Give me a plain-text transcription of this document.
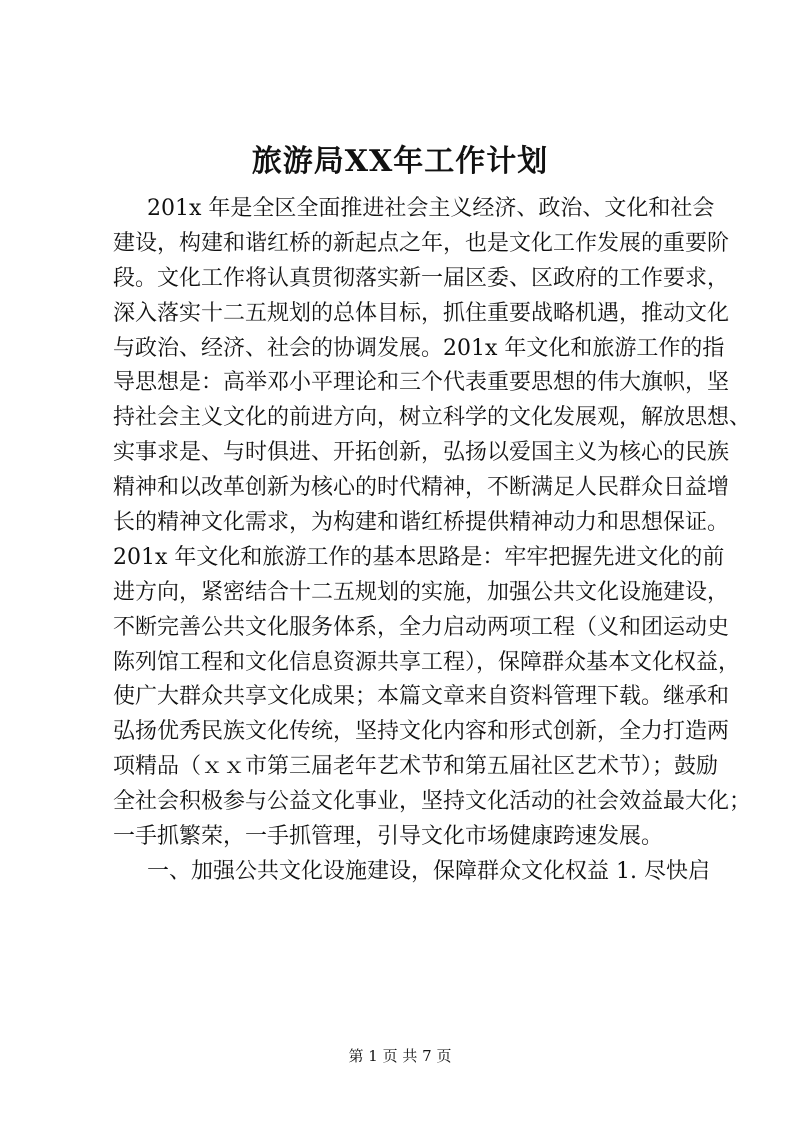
旅游局XX年工作计划
201x 年是全区全面推进社会主义经济、政治、文化和社会
建设，构建和谐红桥的新起点之年，也是文化工作发展的重要阶
段。文化工作将认真贯彻落实新一届区委、区政府的工作要求，
深入落实十二五规划的总体目标，抓住重要战略机遇，推动文化
与政治、经济、社会的协调发展。201x 年文化和旅游工作的指
导思想是：高举邓小平理论和三个代表重要思想的伟大旗帜，坚
持社会主义文化的前进方向，树立科学的文化发展观，解放思想、
实事求是、与时俱进、开拓创新，弘扬以爱国主义为核心的民族
精神和以改革创新为核心的时代精神，不断满足人民群众日益增
长的精神文化需求，为构建和谐红桥提供精神动力和思想保证。
201x 年文化和旅游工作的基本思路是：牢牢把握先进文化的前
进方向，紧密结合十二五规划的实施，加强公共文化设施建设，
不断完善公共文化服务体系，全力启动两项工程（义和团运动史
陈列馆工程和文化信息资源共享工程），保障群众基本文化权益，
使广大群众共享文化成果；本篇文章来自资料管理下载。继承和
弘扬优秀民族文化传统，坚持文化内容和形式创新，全力打造两
项精品（ｘｘ市第三届老年艺术节和第五届社区艺术节）；鼓励
全社会积极参与公益文化事业，坚持文化活动的社会效益最大化；
一手抓繁荣，一手抓管理，引导文化市场健康跨速发展。
一、加强公共文化设施建设，保障群众文化权益 1. 尽快启
第 1 页 共 7 页
